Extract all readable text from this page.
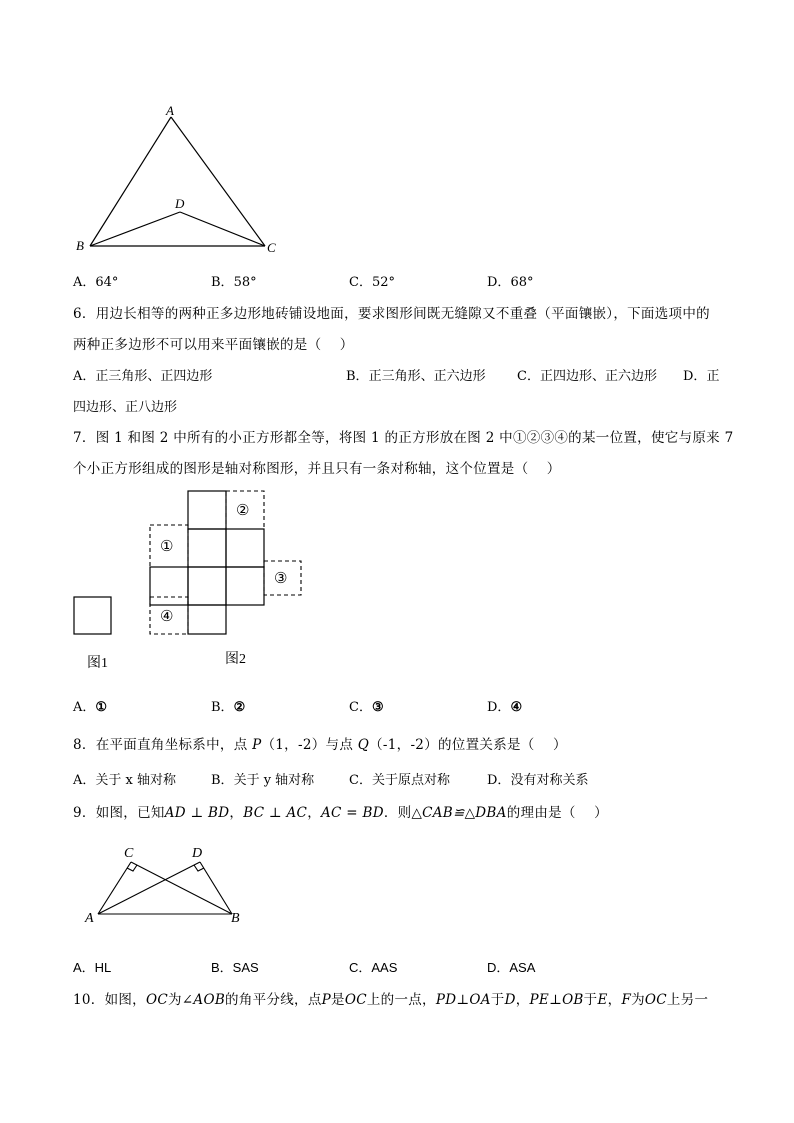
A
B	C
D
A．64°	B．58°	C．52°	D．68°
6．用边长相等的两种正多边形地砖铺设地面，要求图形间既无缝隙又不重叠（平面镶嵌），下面选项中的
两种正多边形不可以用来平面镶嵌的是（　 ）
A．正三角形、正四边形	B．正三角形、正六边形 C．正四边形、正六边形 D．正
四边形、正八边形
7．图 1 和图 2 中所有的小正方形都全等，将图 1 的正方形放在图 2 中①②③④的某一位置，使它与原来 7
个小正方形组成的图形是轴对称图形，并且只有一条对称轴，这个位置是（　 ）
图1
①
②
③
④
图2
A．①	B．②	C．③	D．④
8．在平面直角坐标系中，点 P（1，-2）与点 Q（-1，-2）的位置关系是（　 ）
A．关于 x 轴对称	B．关于 y 轴对称	C．关于原点对称	D．没有对称关系
9．如图，已知AD ⊥ BD，BC ⊥ AC，AC = BD．则△CAB≌△DBA的理由是（　 ）
C	D
A	B
A．HL	B．SAS	C．AAS	D．ASA
10．如图，OC为∠AOB的角平分线，点P是OC上的一点，PD⊥OA于D，PE⊥OB于E，F为OC上另一
